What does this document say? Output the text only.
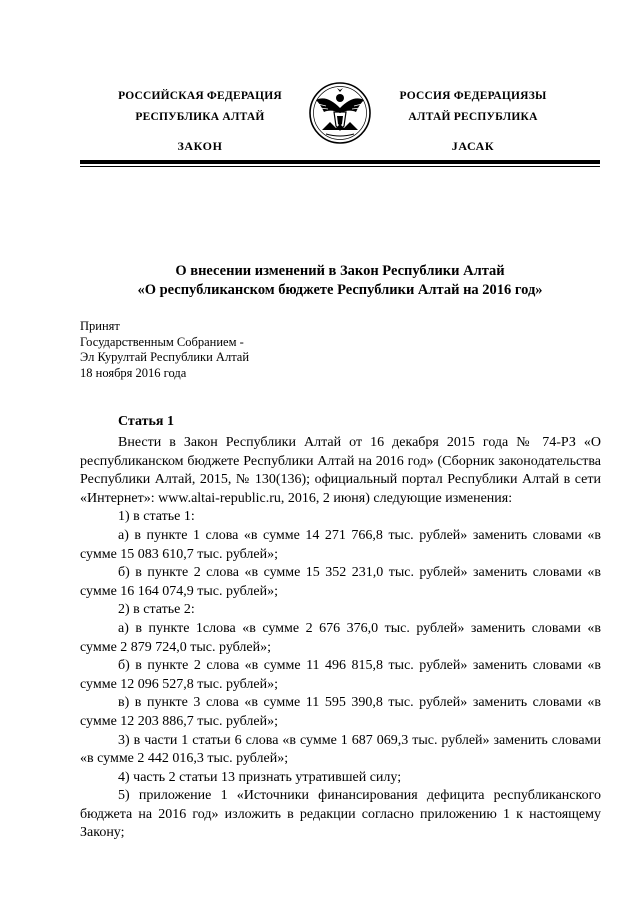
РОССИЙСКАЯ ФЕДЕРАЦИЯ
РЕСПУБЛИКА АЛТАЙ
ЗАКОН
РОССИЯ ФЕДЕРАЦИЯЗЫ
АЛТАЙ РЕСПУБЛИКА
ЈАСАК
О внесении изменений в Закон Республики Алтай
«О республиканском бюджете Республики Алтай на 2016 год»
Принят
Государственным Собранием -
Эл Курултай Республики Алтай
18 ноября 2016 года
Статья 1

Внести в Закон Республики Алтай от 16 декабря 2015 года № 74-РЗ «О республиканском бюджете Республики Алтай на 2016 год» (Сборник законодательства Республики Алтай, 2015, № 130(136); официальный портал Республики Алтай в сети «Интернет»: www.altai-republic.ru, 2016, 2 июня) следующие изменения:

1) в статье 1:

а) в пункте 1 слова «в сумме 14 271 766,8 тыс. рублей» заменить словами «в сумме 15 083 610,7 тыс. рублей»;

б) в пункте 2 слова «в сумме 15 352 231,0 тыс. рублей» заменить словами «в сумме 16 164 074,9 тыс. рублей»;

2) в статье 2:

а) в пункте 1слова «в сумме 2 676 376,0 тыс. рублей» заменить словами «в сумме 2 879 724,0 тыс. рублей»;

б) в пункте 2 слова «в сумме 11 496 815,8 тыс. рублей» заменить словами «в сумме 12 096 527,8 тыс. рублей»;

в) в пункте 3 слова «в сумме 11 595 390,8 тыс. рублей» заменить словами «в сумме 12 203 886,7 тыс. рублей»;

3) в части 1 статьи 6 слова «в сумме 1 687 069,3 тыс. рублей» заменить словами «в сумме 2 442 016,3 тыс. рублей»;

4) часть 2 статьи 13 признать утратившей силу;

5) приложение 1 «Источники финансирования дефицита республиканского бюджета на 2016 год» изложить в редакции согласно приложению 1 к настоящему Закону;
